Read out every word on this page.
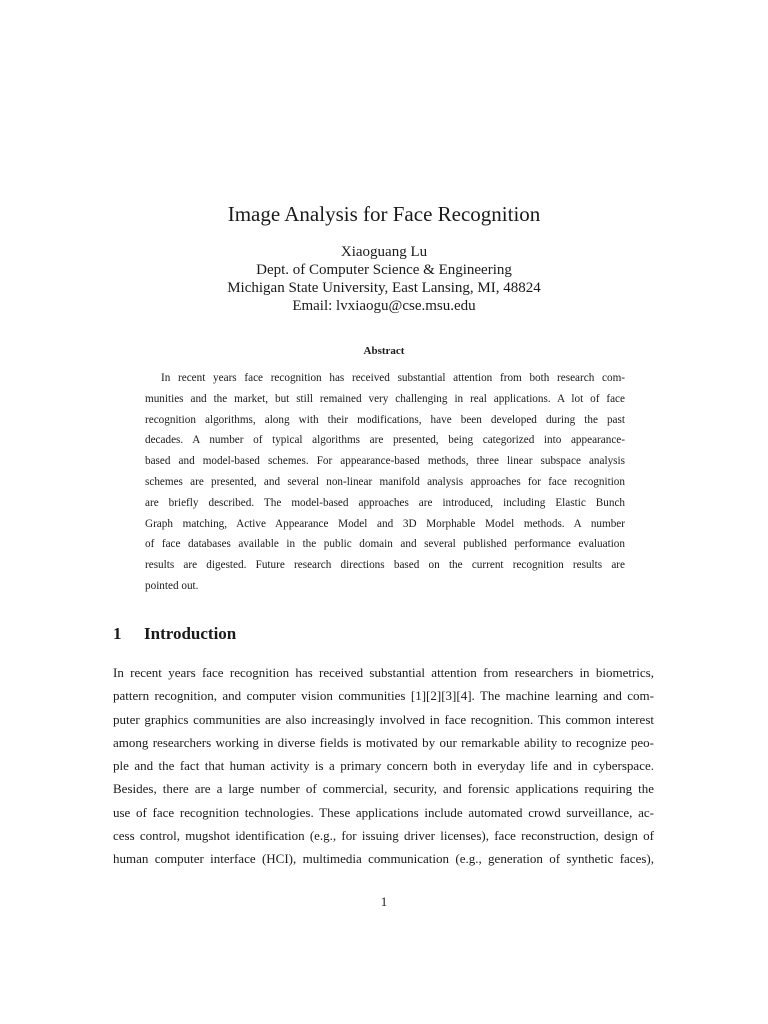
Image Analysis for Face Recognition
Xiaoguang Lu
Dept. of Computer Science & Engineering
Michigan State University, East Lansing, MI, 48824
Email: lvxiaogu@cse.msu.edu
Abstract
In recent years face recognition has received substantial attention from both research com-
munities and the market, but still remained very challenging in real applications. A lot of face
recognition algorithms, along with their modifications, have been developed during the past
decades. A number of typical algorithms are presented, being categorized into appearance-
based and model-based schemes. For appearance-based methods, three linear subspace analysis
schemes are presented, and several non-linear manifold analysis approaches for face recognition
are briefly described. The model-based approaches are introduced, including Elastic Bunch
Graph matching, Active Appearance Model and 3D Morphable Model methods. A number
of face databases available in the public domain and several published performance evaluation
results are digested. Future research directions based on the current recognition results are
pointed out.
1 Introduction
In recent years face recognition has received substantial attention from researchers in biometrics,
pattern recognition, and computer vision communities [1][2][3][4]. The machine learning and com-
puter graphics communities are also increasingly involved in face recognition. This common interest
among researchers working in diverse fields is motivated by our remarkable ability to recognize peo-
ple and the fact that human activity is a primary concern both in everyday life and in cyberspace.
Besides, there are a large number of commercial, security, and forensic applications requiring the
use of face recognition technologies. These applications include automated crowd surveillance, ac-
cess control, mugshot identification (e.g., for issuing driver licenses), face reconstruction, design of
human computer interface (HCI), multimedia communication (e.g., generation of synthetic faces),
1
